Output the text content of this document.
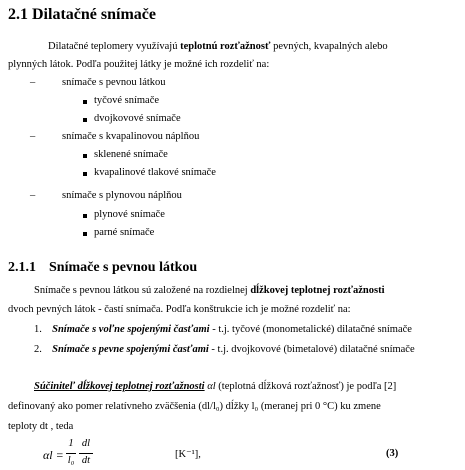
2.1 Dilatačné snímače
Dilatačné teplomery využívajú teplotnú rozťažnosť pevných, kvapalných alebo
plynných látok. Podľa použitej látky je možné ich rozdeliť na:
–	snímače s pevnou látkou
tyčové snímače
dvojkovové snímače
–	snímače s kvapalinovou náplňou
sklenené snímače
kvapalinové tlakové snímače
–	snímače s plynovou náplňou
plynové snímače
parné snímače
2.1.1 Snímače s pevnou látkou
Snímače s pevnou látkou sú založené na rozdielnej dĺžkovej teplotnej rozťažnosti
dvoch pevných látok - častí snímača. Podľa konštrukcie ich je možné rozdeliť na:
1. Snímače s voľne spojenými časťami - t.j. tyčové (monometalické) dilatačné snímače
2. Snímače s pevne spojenými časťami - t.j. dvojkovové (bimetalové) dilatačné snímače
Súčiniteľ dĺžkovej teplotnej rozťažnosti αl (teplotná dĺžková rozťažnosť) je podľa [2]
definovaný ako pomer relatívneho zväčšenia (dl/l₀) dĺžky l₀ (meranej pri 0 °C) ku zmene
teploty dt , teda
αl =
1
l₀
dl
dt
[K⁻¹],	(3)
